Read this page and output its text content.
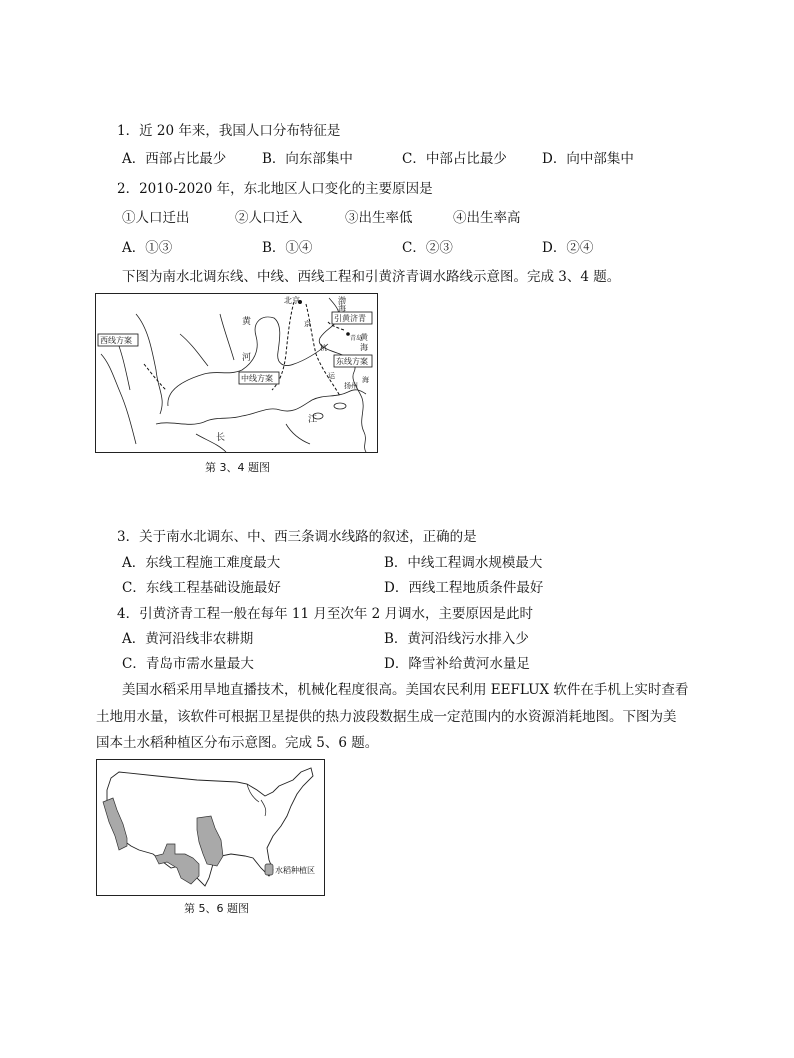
1．近 20 年来，我国人口分布特征是
A．西部占比最少	B．向东部集中	C．中部占比最少	D．向中部集中
2．2010-2020 年，东北地区人口变化的主要原因是
①人口迁出	②人口迁入	③出生率低	④出生率高
A．①③	B．①④	C．②③	D．②④
下图为南水北调东线、中线、西线工程和引黄济青调水路线示意图。完成 3、4 题。
西线方案
中线方案
东线方案
引黄济青
北京
黄
河
长
江
渤
海
黄
海
青岛
京
杭
运
扬州
海
第 3、4 题图
3．关于南水北调东、中、西三条调水线路的叙述，正确的是
A．东线工程施工难度最大	B．中线工程调水规模最大
C．东线工程基础设施最好	D．西线工程地质条件最好
4．引黄济青工程一般在每年 11 月至次年 2 月调水，主要原因是此时
A．黄河沿线非农耕期	B．黄河沿线污水排入少
C．青岛市需水量最大	D．降雪补给黄河水量足
美国水稻采用旱地直播技术，机械化程度很高。美国农民利用 EEFLUX 软件在手机上实时查看
土地用水量，该软件可根据卫星提供的热力波段数据生成一定范围内的水资源消耗地图。下图为美
国本土水稻种植区分布示意图。完成 5、6 题。
水稻种植区
第 5、6 题图
